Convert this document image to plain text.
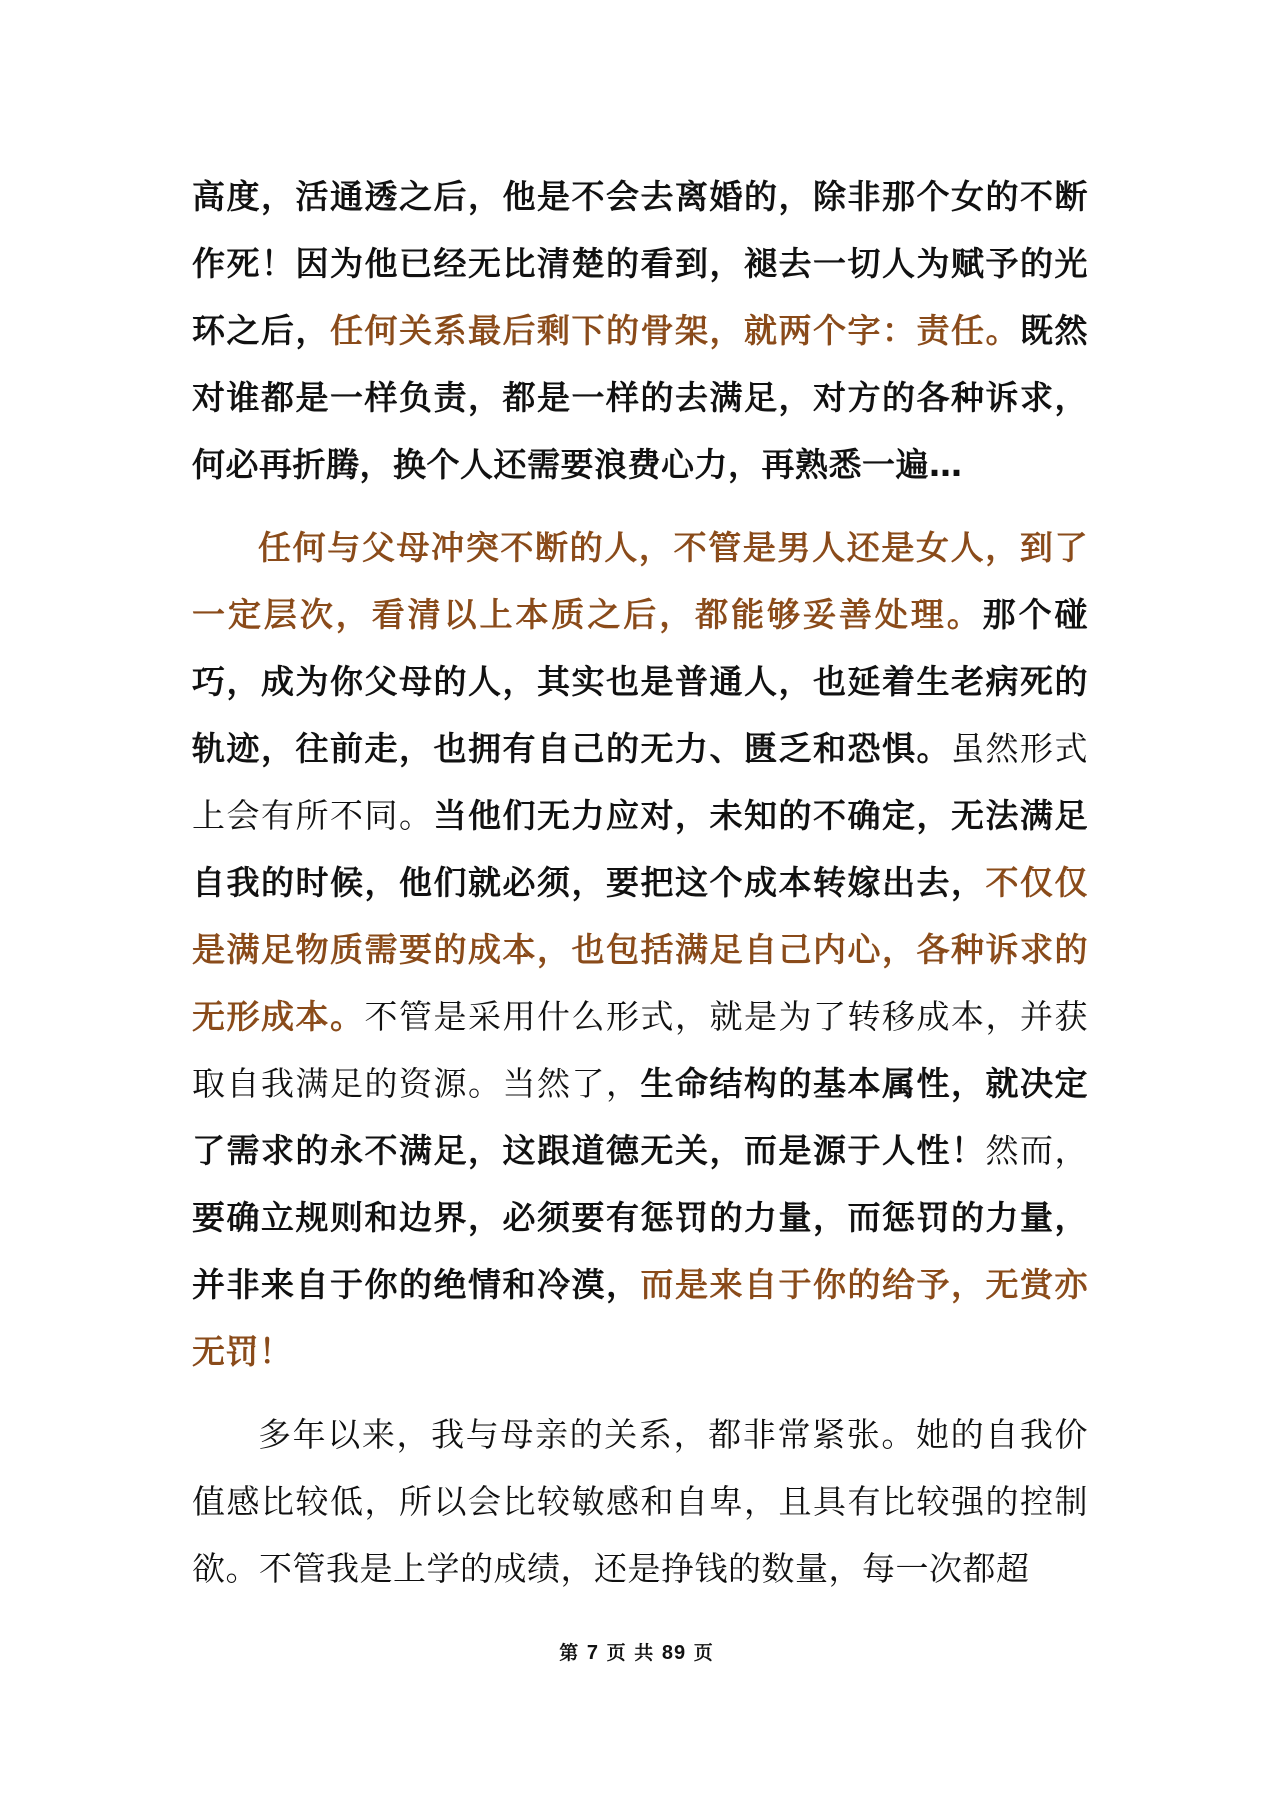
高度，活通透之后，他是不会去离婚的，除非那个女的不断作死！因为他已经无比清楚的看到，褪去一切人为赋予的光环之后，任何关系最后剩下的骨架，就两个字：责任。既然对谁都是一样负责，都是一样的去满足，对方的各种诉求，何必再折腾，换个人还需要浪费心力，再熟悉一遍…

任何与父母冲突不断的人，不管是男人还是女人，到了一定层次，看清以上本质之后，都能够妥善处理。那个碰巧，成为你父母的人，其实也是普通人，也延着生老病死的轨迹，往前走，也拥有自己的无力、匮乏和恐惧。虽然形式上会有所不同。当他们无力应对，未知的不确定，无法满足自我的时候，他们就必须，要把这个成本转嫁出去，不仅仅是满足物质需要的成本，也包括满足自己内心，各种诉求的无形成本。不管是采用什么形式，就是为了转移成本，并获取自我满足的资源。当然了，生命结构的基本属性，就决定了需求的永不满足，这跟道德无关，而是源于人性！然而，要确立规则和边界，必须要有惩罚的力量，而惩罚的力量，并非来自于你的绝情和冷漠，而是来自于你的给予，无赏亦无罚！

多年以来，我与母亲的关系，都非常紧张。她的自我价值感比较低，所以会比较敏感和自卑，且具有比较强的控制欲。不管我是上学的成绩，还是挣钱的数量，每一次都超

第 7 页 共 89 页
